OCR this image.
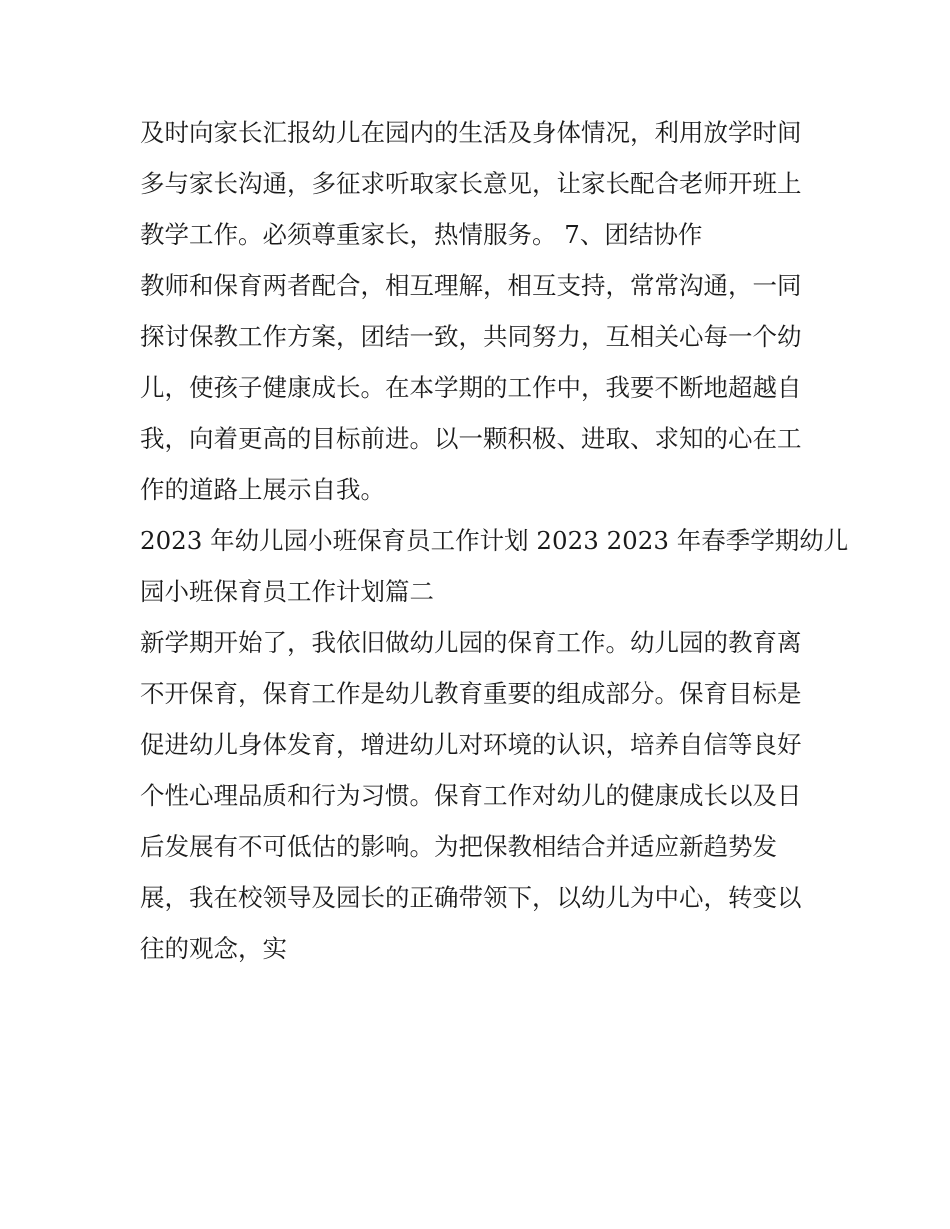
及时向家长汇报幼儿在园内的生活及身体情况，利用放学时间
多与家长沟通，多征求听取家长意见，让家长配合老师开班上
教学工作。必须尊重家长，热情服务。 7、团结协作
教师和保育两者配合，相互理解，相互支持，常常沟通，一同
探讨保教工作方案，团结一致，共同努力，互相关心每一个幼
儿，使孩子健康成长。在本学期的工作中，我要不断地超越自
我，向着更高的目标前进。以一颗积极、进取、求知的心在工
作的道路上展示自我。
2023 年幼儿园小班保育员工作计划 2023 2023 年春季学期幼儿
园小班保育员工作计划篇二
新学期开始了，我依旧做幼儿园的保育工作。幼儿园的教育离
不开保育，保育工作是幼儿教育重要的组成部分。保育目标是
促进幼儿身体发育，增进幼儿对环境的认识，培养自信等良好
个性心理品质和行为习惯。保育工作对幼儿的健康成长以及日
后发展有不可低估的影响。为把保教相结合并适应新趋势发
展，我在校领导及园长的正确带领下，以幼儿为中心，转变以
往的观念，实
